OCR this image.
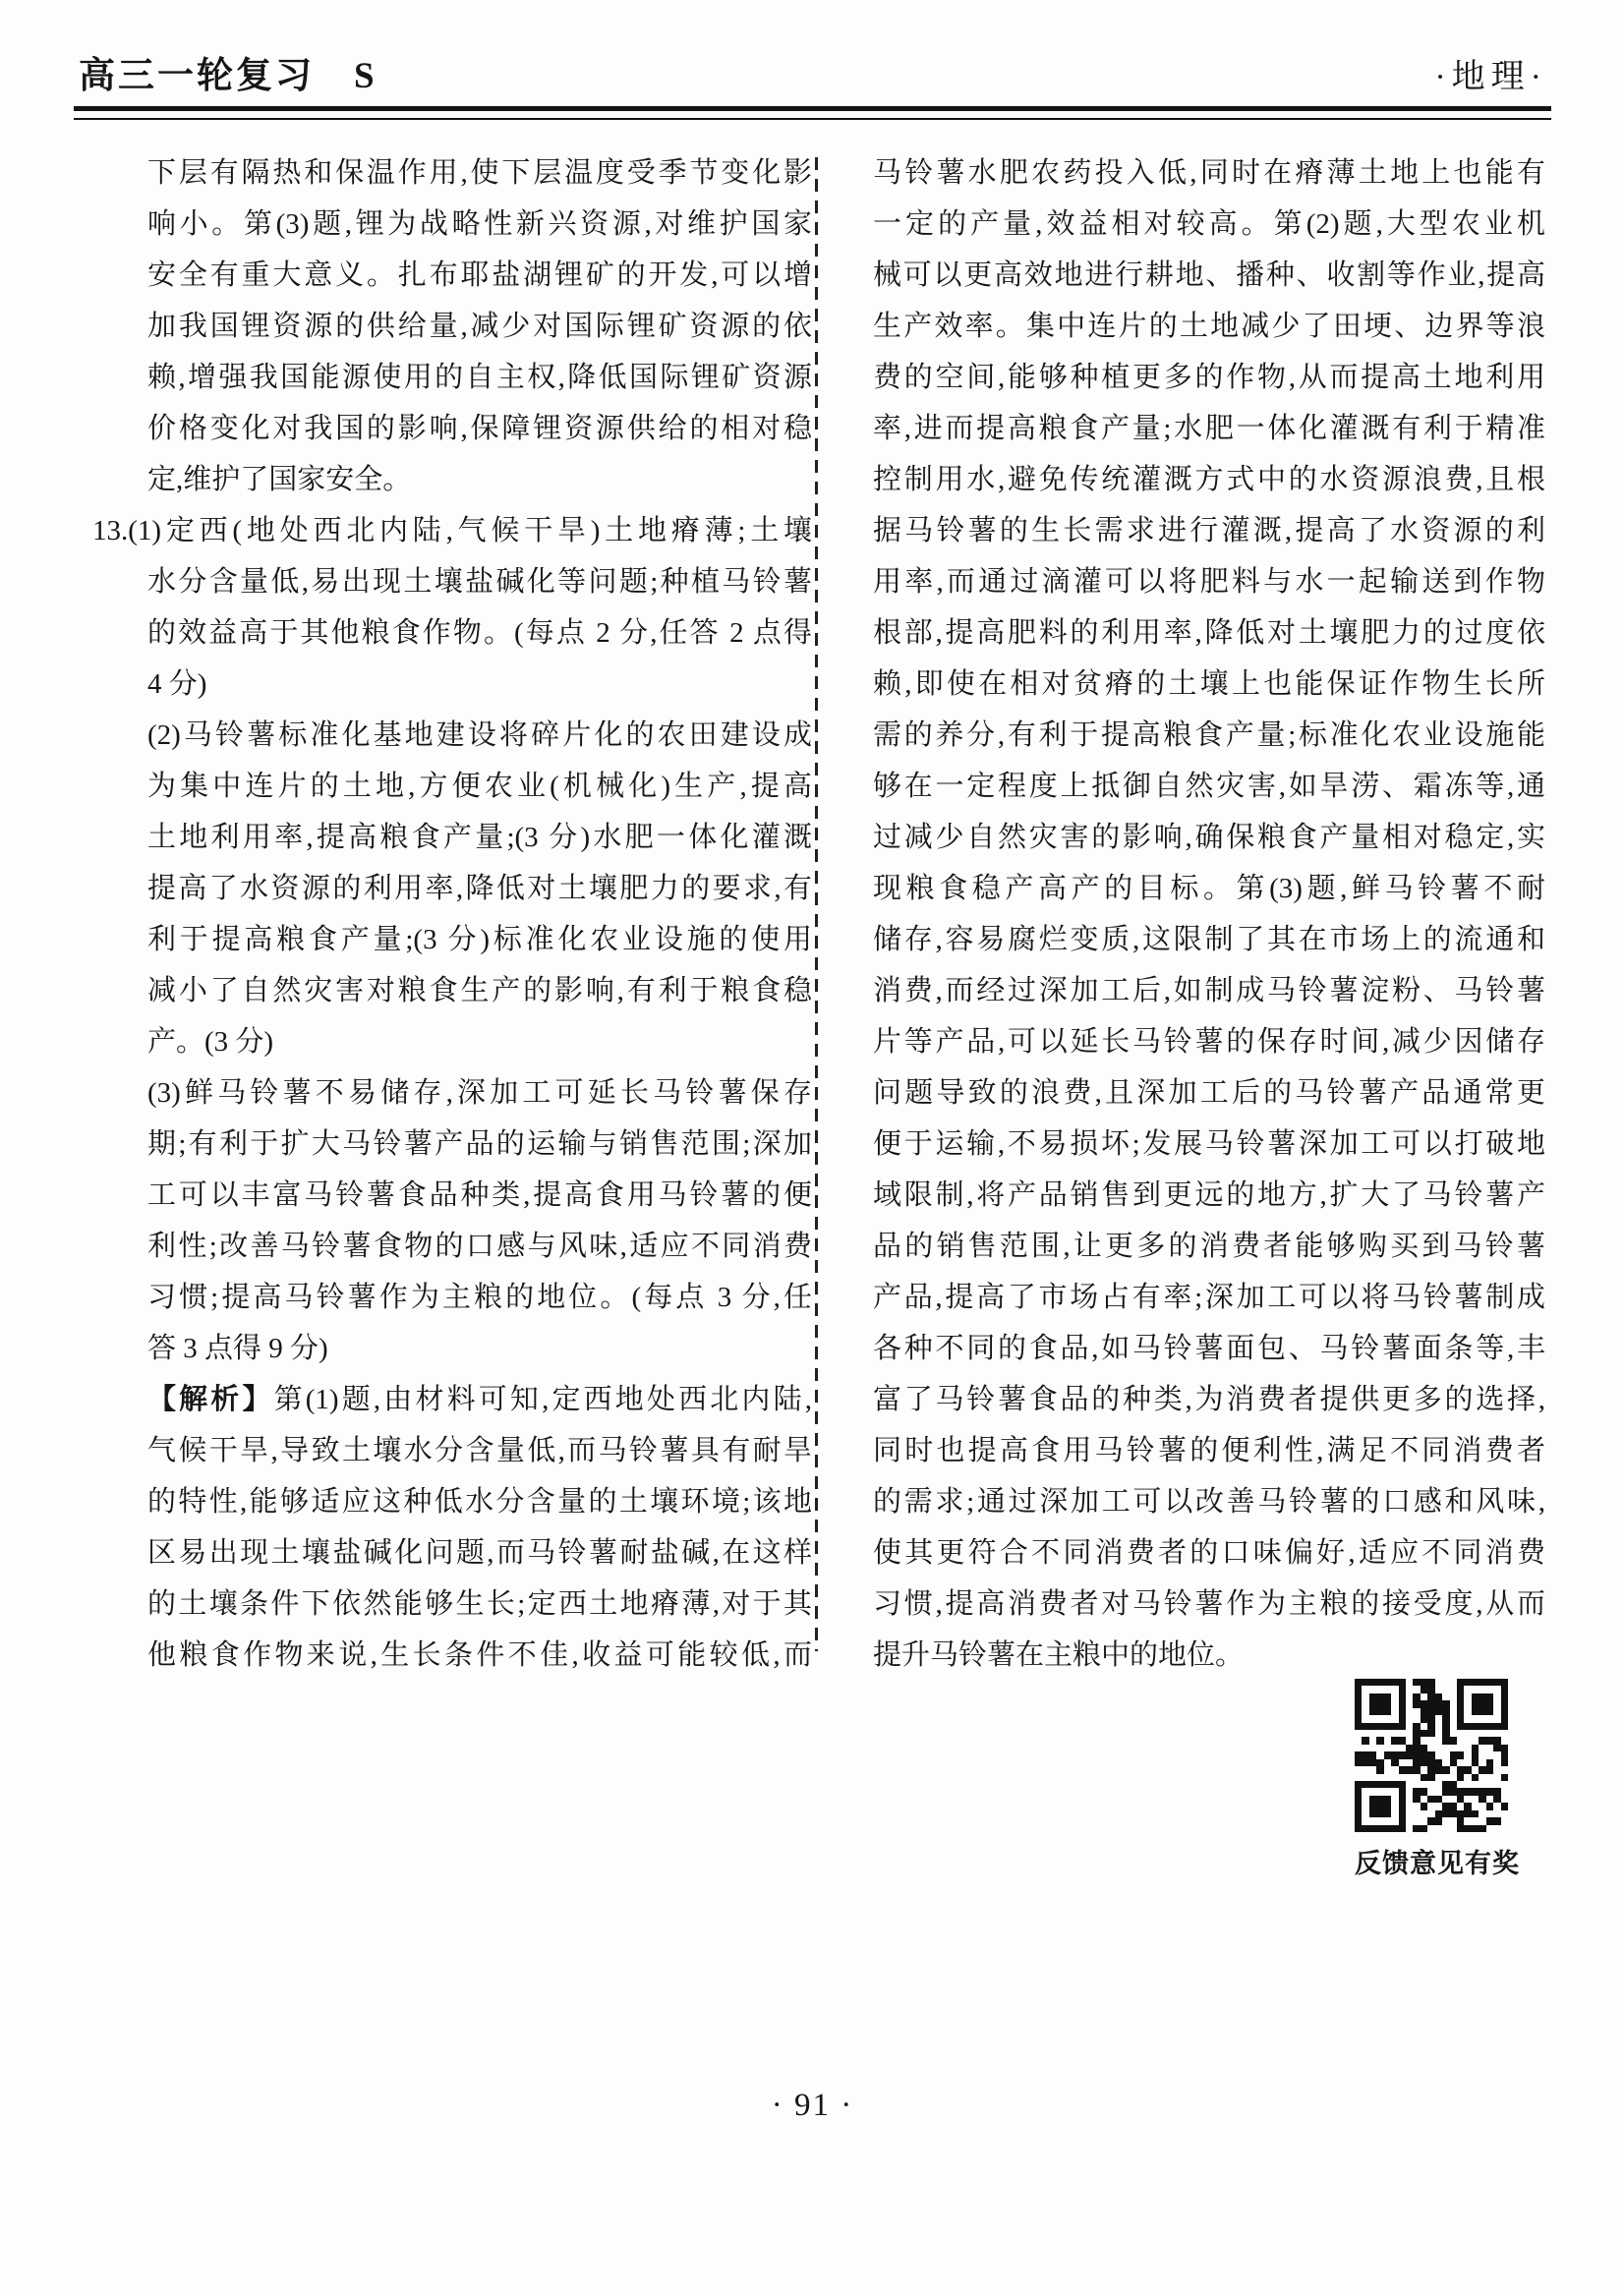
高三一轮复习　S	·地理·
下层有隔热和保温作用,使下层温度受季节变化影
响小。第(3)题,锂为战略性新兴资源,对维护国家
安全有重大意义。扎布耶盐湖锂矿的开发,可以增
加我国锂资源的供给量,减少对国际锂矿资源的依
赖,增强我国能源使用的自主权,降低国际锂矿资源
价格变化对我国的影响,保障锂资源供给的相对稳
定,维护了国家安全。
13.(1)定西(地处西北内陆,气候干旱)土地瘠薄;土壤
水分含量低,易出现土壤盐碱化等问题;种植马铃薯
的效益高于其他粮食作物。(每点 2 分,任答 2 点得
4 分)
(2)马铃薯标准化基地建设将碎片化的农田建设成
为集中连片的土地,方便农业(机械化)生产,提高
土地利用率,提高粮食产量;(3 分)水肥一体化灌溉
提高了水资源的利用率,降低对土壤肥力的要求,有
利于提高粮食产量;(3 分)标准化农业设施的使用
减小了自然灾害对粮食生产的影响,有利于粮食稳
产。(3 分)
(3)鲜马铃薯不易储存,深加工可延长马铃薯保存
期;有利于扩大马铃薯产品的运输与销售范围;深加
工可以丰富马铃薯食品种类,提高食用马铃薯的便
利性;改善马铃薯食物的口感与风味,适应不同消费
习惯;提高马铃薯作为主粮的地位。(每点 3 分,任
答 3 点得 9 分)
【解析】第(1)题,由材料可知,定西地处西北内陆,
气候干旱,导致土壤水分含量低,而马铃薯具有耐旱
的特性,能够适应这种低水分含量的土壤环境;该地
区易出现土壤盐碱化问题,而马铃薯耐盐碱,在这样
的土壤条件下依然能够生长;定西土地瘠薄,对于其
他粮食作物来说,生长条件不佳,收益可能较低,而
马铃薯水肥农药投入低,同时在瘠薄土地上也能有
一定的产量,效益相对较高。第(2)题,大型农业机
械可以更高效地进行耕地、播种、收割等作业,提高
生产效率。集中连片的土地减少了田埂、边界等浪
费的空间,能够种植更多的作物,从而提高土地利用
率,进而提高粮食产量;水肥一体化灌溉有利于精准
控制用水,避免传统灌溉方式中的水资源浪费,且根
据马铃薯的生长需求进行灌溉,提高了水资源的利
用率,而通过滴灌可以将肥料与水一起输送到作物
根部,提高肥料的利用率,降低对土壤肥力的过度依
赖,即使在相对贫瘠的土壤上也能保证作物生长所
需的养分,有利于提高粮食产量;标准化农业设施能
够在一定程度上抵御自然灾害,如旱涝、霜冻等,通
过减少自然灾害的影响,确保粮食产量相对稳定,实
现粮食稳产高产的目标。第(3)题,鲜马铃薯不耐
储存,容易腐烂变质,这限制了其在市场上的流通和
消费,而经过深加工后,如制成马铃薯淀粉、马铃薯
片等产品,可以延长马铃薯的保存时间,减少因储存
问题导致的浪费,且深加工后的马铃薯产品通常更
便于运输,不易损坏;发展马铃薯深加工可以打破地
域限制,将产品销售到更远的地方,扩大了马铃薯产
品的销售范围,让更多的消费者能够购买到马铃薯
产品,提高了市场占有率;深加工可以将马铃薯制成
各种不同的食品,如马铃薯面包、马铃薯面条等,丰
富了马铃薯食品的种类,为消费者提供更多的选择,
同时也提高食用马铃薯的便利性,满足不同消费者
的需求;通过深加工可以改善马铃薯的口感和风味,
使其更符合不同消费者的口味偏好,适应不同消费
习惯,提高消费者对马铃薯作为主粮的接受度,从而
提升马铃薯在主粮中的地位。
反馈意见有奖
· 91 ·
